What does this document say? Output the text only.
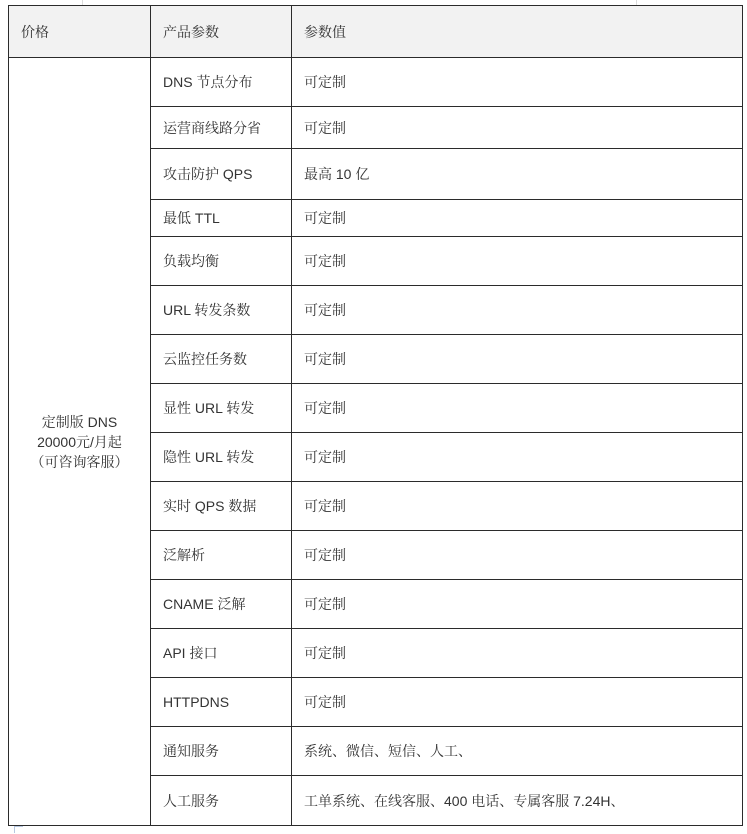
价格	产品参数	参数值

定制版 DNS
20000元/月起
（可咨询客服）	DNS 节点分布	可定制
	运营商线路分省	可定制
	攻击防护 QPS	最高 10 亿
	最低 TTL	可定制
	负载均衡	可定制
	URL 转发条数	可定制
	云监控任务数	可定制
	显性 URL 转发	可定制
	隐性 URL 转发	可定制
	实时 QPS 数据	可定制
	泛解析	可定制
	CNAME 泛解	可定制
	API 接口	可定制
	HTTPDNS	可定制
	通知服务	系统、微信、短信、人工、
	人工服务	工单系统、在线客服、400 电话、专属客服 7.24H、
